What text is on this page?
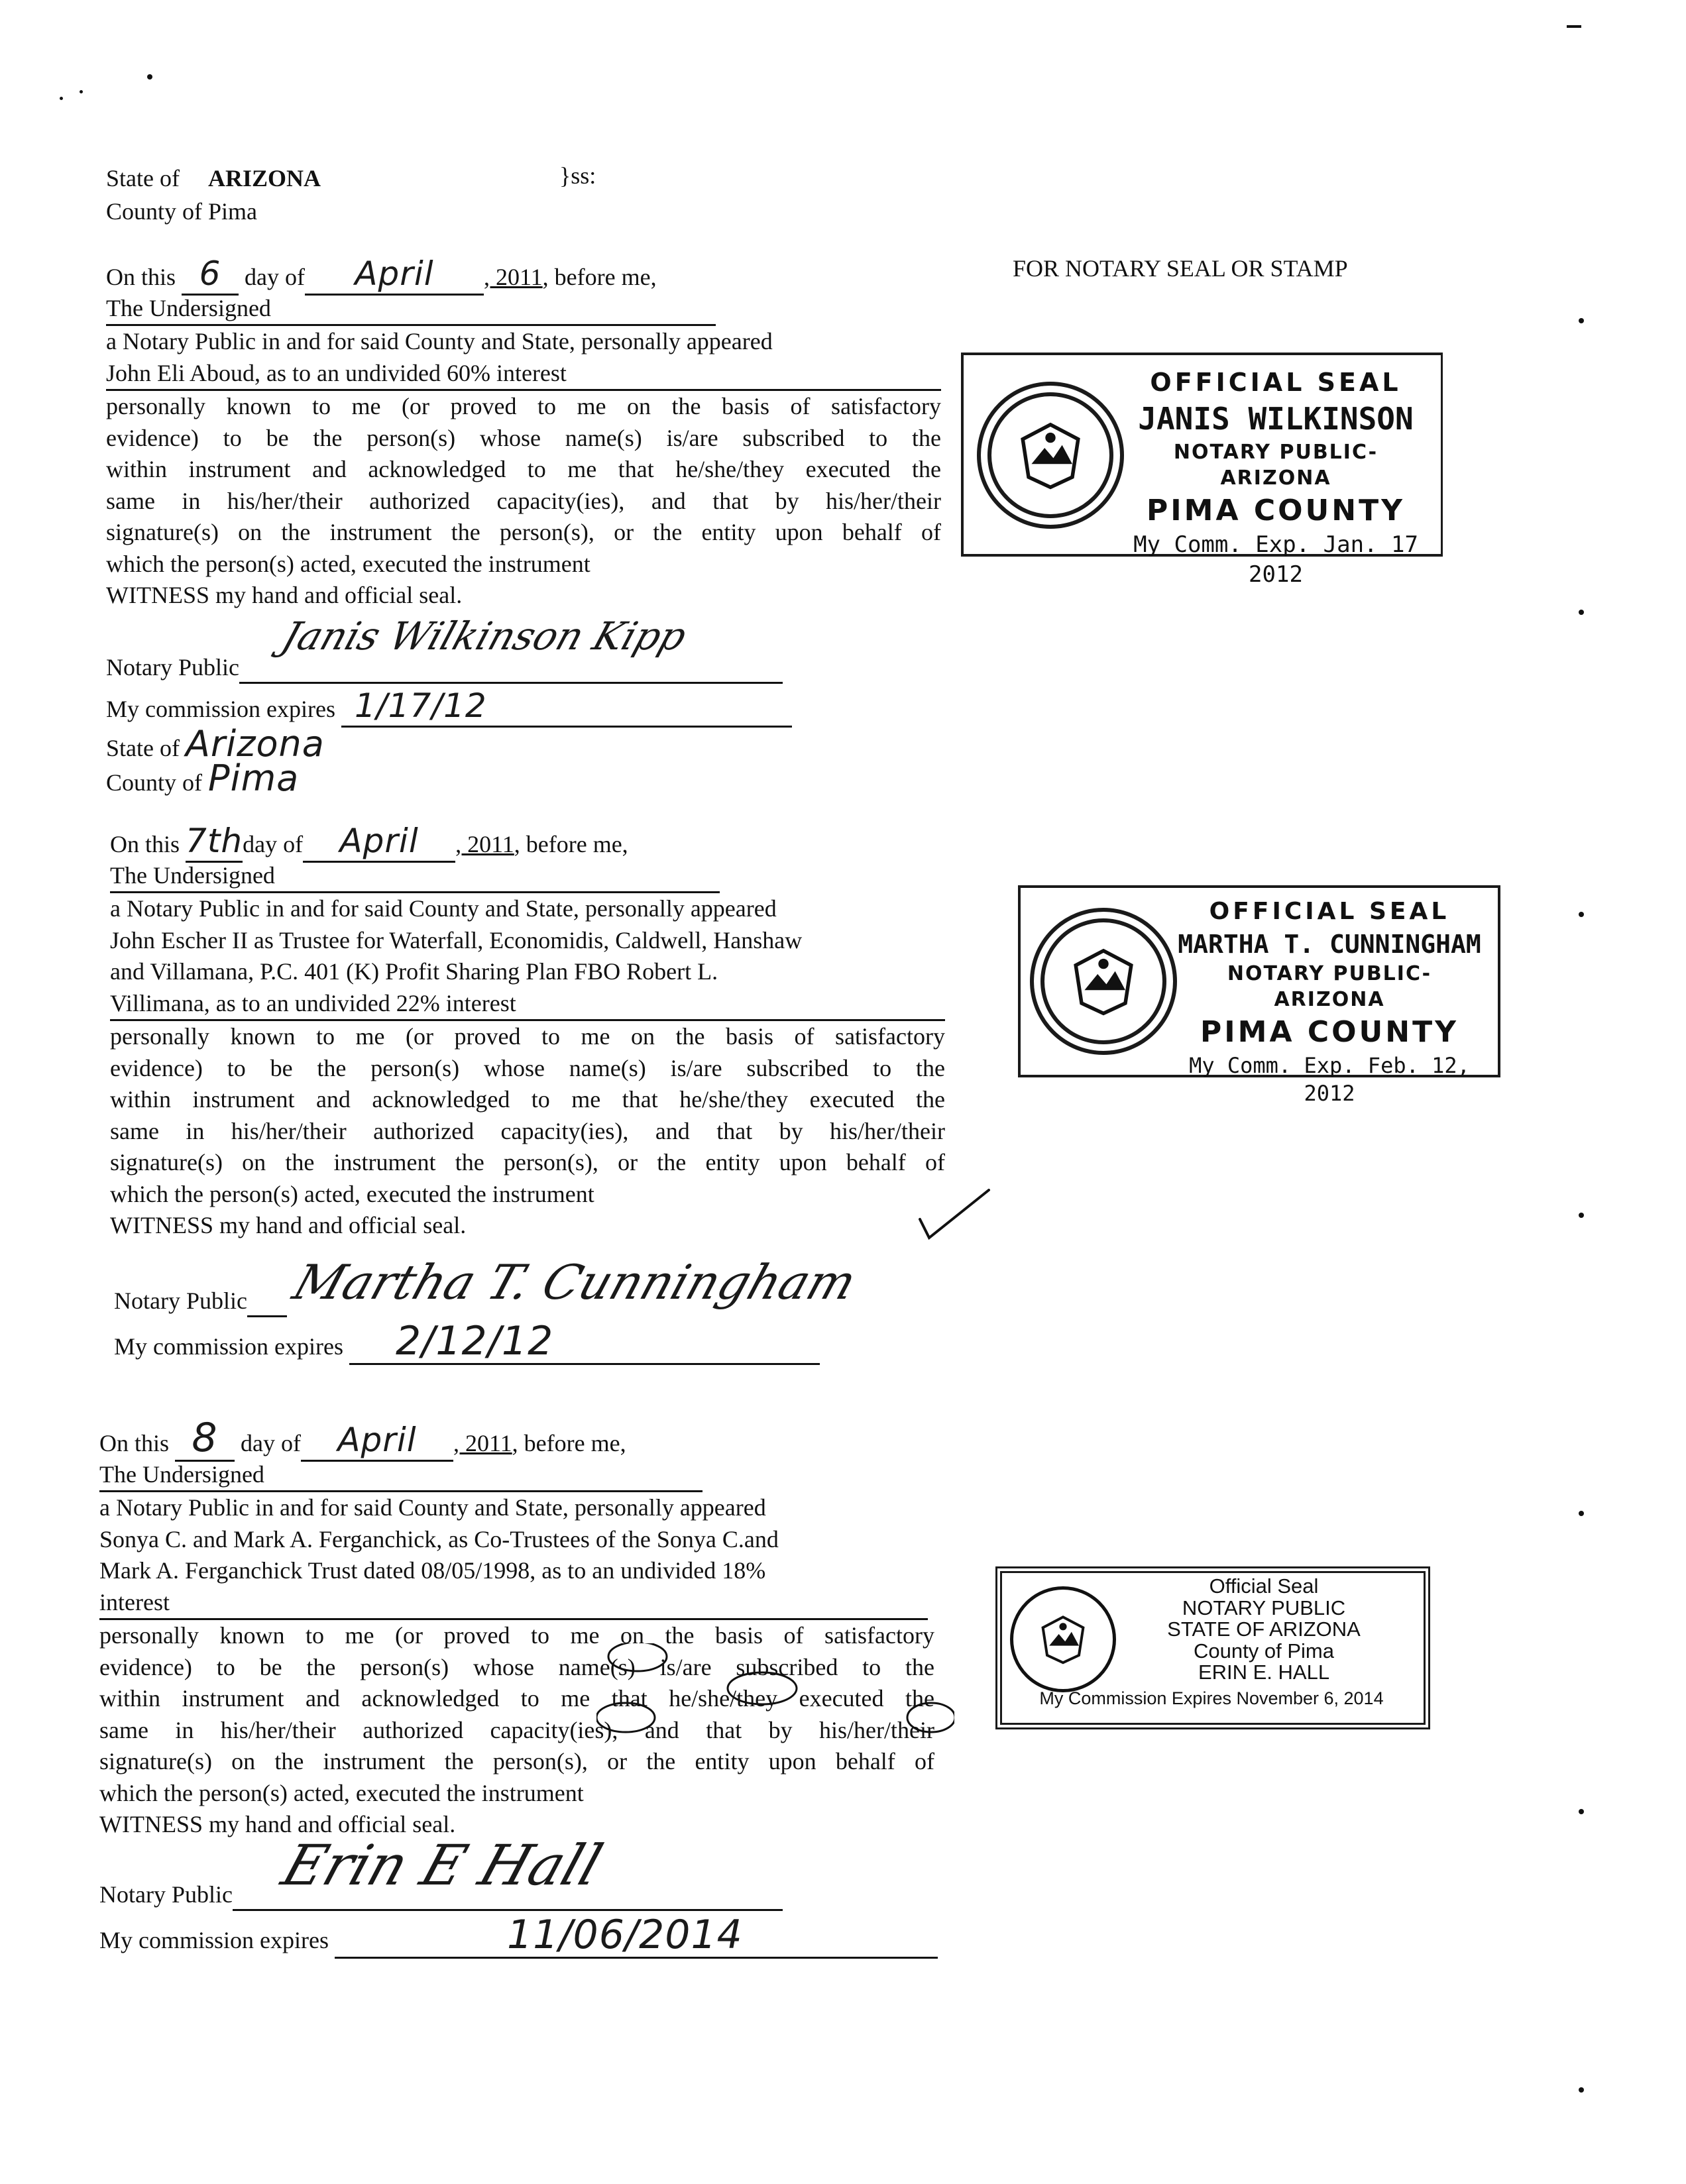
State of ARIZONA	}ss:
County of Pima
FOR NOTARY SEAL OR STAMP
On this 6 day of April , 2011, before me,
The Undersigned
a Notary Public in and for said County and State, personally appeared
John Eli Aboud, as to an undivided 60% interest
personally known to me (or proved to me on the basis of satisfactory
evidence) to be the person(s) whose name(s) is/are subscribed to the
within instrument and acknowledged to me that he/she/they executed the
same in his/her/their authorized capacity(ies), and that by his/her/their
signature(s) on the instrument the person(s), or the entity upon behalf of
which the person(s) acted, executed the instrument
WITNESS my hand and official seal.
Notary Public
Janis Wilkinson Kipp
My commission expires 1/17/12
State of Arizona
County of Pima
On this 7thday of April , 2011, before me,
The Undersigned
a Notary Public in and for said County and State, personally appeared
John Escher II as Trustee for Waterfall, Economidis, Caldwell, Hanshaw
and Villamana, P.C. 401 (K) Profit Sharing Plan FBO Robert L.
Villimana, as to an undivided 22% interest
personally known to me (or proved to me on the basis of satisfactory
evidence) to be the person(s) whose name(s) is/are subscribed to the
within instrument and acknowledged to me that he/she/they executed the
same in his/her/their authorized capacity(ies), and that by his/her/their
signature(s) on the instrument the person(s), or the entity upon behalf of
which the person(s) acted, executed the instrument
WITNESS my hand and official seal.
Notary Public Martha T. Cunningham
My commission expires 2/12/12
On this 8 day of April , 2011, before me,
The Undersigned
a Notary Public in and for said County and State, personally appeared
Sonya C. and Mark A. Ferganchick, as Co-Trustees of the Sonya C.and
Mark A. Ferganchick Trust dated 08/05/1998, as to an undivided 18%
interest
personally known to me (or proved to me on the basis of satisfactory
evidence) to be the person(s) whose name(s) is/are subscribed to the
within instrument and acknowledged to me that he/she/they executed the
same in his/her/their authorized capacity(ies), and that by his/her/their
signature(s) on the instrument the person(s), or the entity upon behalf of
which the person(s) acted, executed the instrument
WITNESS my hand and official seal.
Notary Public Erin E Hall
My commission expires	11/06/2014
OFFICIAL SEAL
JANIS WILKINSON
NOTARY PUBLIC-ARIZONA
PIMA COUNTY
My Comm. Exp. Jan. 17 2012
OFFICIAL SEAL
MARTHA T. CUNNINGHAM
NOTARY PUBLIC-ARIZONA
PIMA COUNTY
My Comm. Exp. Feb. 12, 2012
Official Seal
NOTARY PUBLIC
STATE OF ARIZONA
County of Pima
ERIN E. HALL
My Commission Expires November 6, 2014
